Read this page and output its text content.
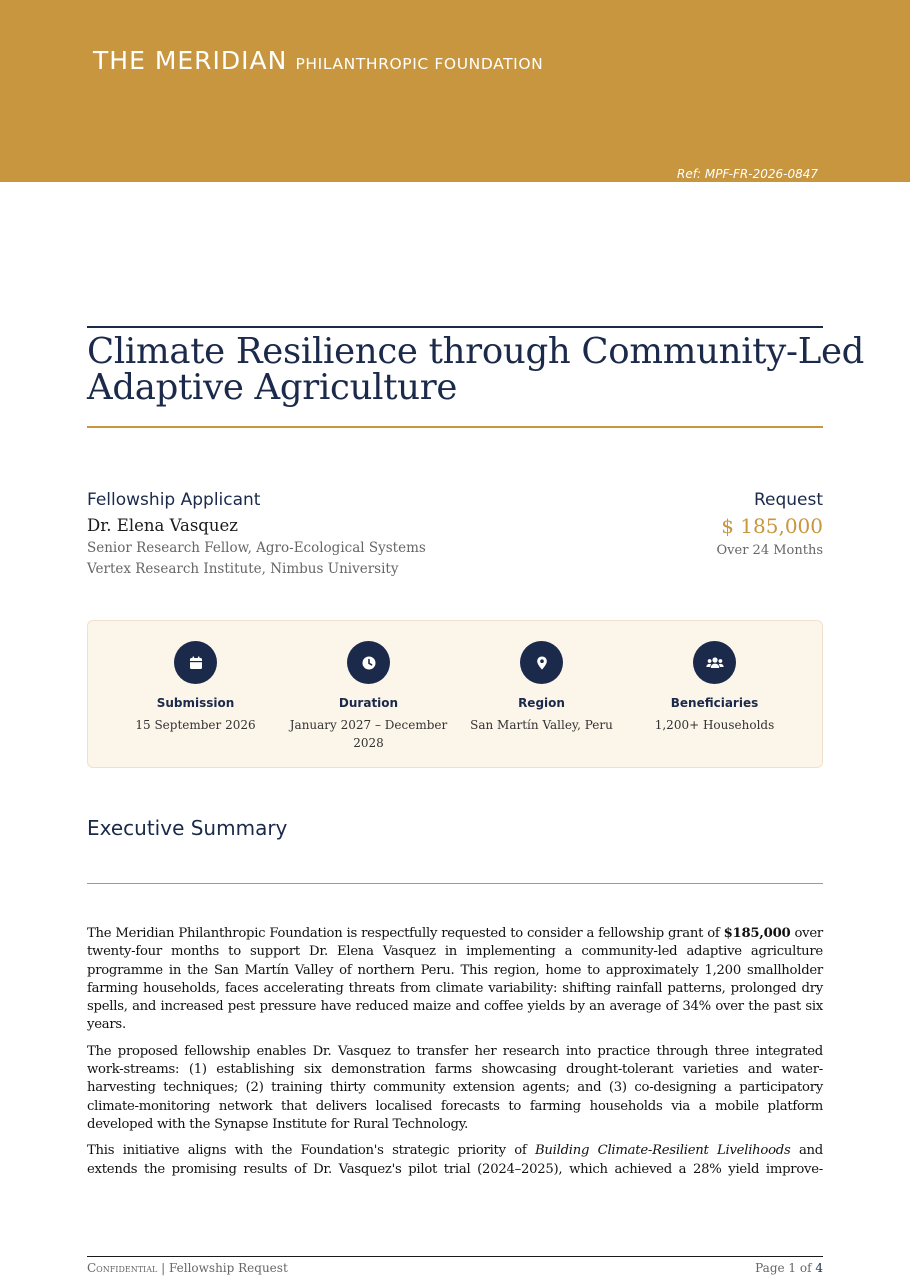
THE MERIDIAN PHILANTHROPIC FOUNDATION
Ref: MPF-FR-2026-0847
Climate Resilience through Community-Led Adaptive Agriculture
Fellowship Applicant
Dr. Elena Vasquez
Senior Research Fellow, Agro-Ecological Systems
Vertex Research Institute, Nimbus University
Request
$ 185,000
Over 24 Months
Submission
15 September 2026
Duration
January 2027 – December 2028
Region
San Martín Valley, Peru
Beneficiaries
1,200+ Households
Executive Summary

The Meridian Philanthropic Foundation is respectfully requested to consider a fellowship grant of $185,000 over twenty-four months to support Dr. Elena Vasquez in implementing a community-led adaptive agriculture programme in the San Martín Valley of northern Peru. This region, home to approximately 1,200 smallholder farming households, faces accelerating threats from climate variability: shifting rainfall patterns, prolonged dry spells, and increased pest pressure have reduced maize and coffee yields by an average of 34% over the past six years.

The proposed fellowship enables Dr. Vasquez to transfer her research into practice through three integrated work-streams: (1) establishing six demonstration farms showcasing drought-tolerant varieties and water-harvesting techniques; (2) training thirty community extension agents; and (3) co-designing a participatory climate-monitoring network that delivers localised forecasts to farming households via a mobile platform developed with the Synapse Institute for Rural Technology.

This initiative aligns with the Foundation's strategic priority of Building Climate-Resilient Livelihoods and extends the promising results of Dr. Vasquez's pilot trial (2024–2025), which achieved a 28% yield improve-

Confidential | Fellowship Request	Page 1 of 4
